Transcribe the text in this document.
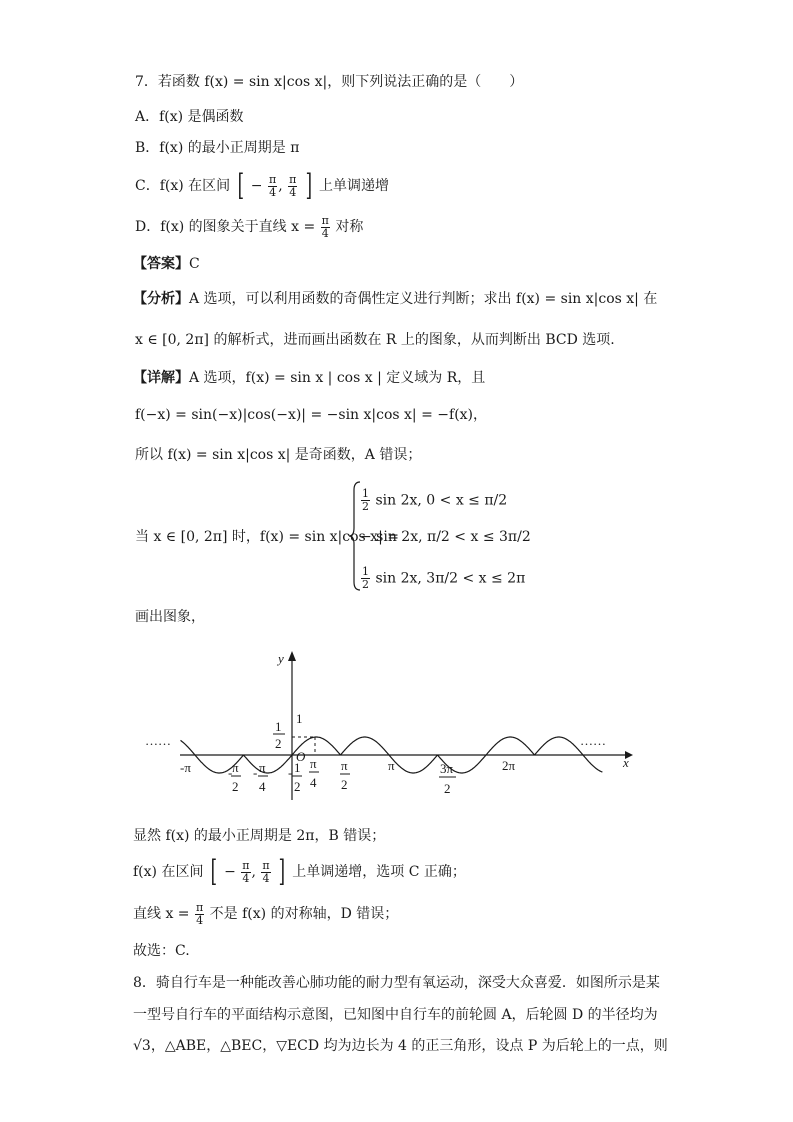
7．若函数 f(x) = sin x|cos x|，则下列说法正确的是（　　）
A．f(x) 是偶函数
B．f(x) 的最小正周期是 π
C．f(x) 在区间 [ − $\frac{\pi}{4}$ , $\frac{\pi}{4}$ ] 上单调递增
D．f(x) 的图象关于直线 $x = \frac{\pi}{4}$ 对称
【答案】C
【分析】A 选项，可以利用函数的奇偶性定义进行判断；求出 f(x) = sin x|cos x| 在
x ∈ [0, 2π] 的解析式，进而画出函数在 R 上的图象，从而判断出 BCD 选项.
【详解】A 选项，f(x) = sin x | cos x | 定义域为 R，且
f(−x) = sin(−x)|cos(−x)| = −sin x|cos x| = −f(x)，
所以 f(x) = sin x|cos x| 是奇函数，A 错误；
当 x ∈ [0, 2π] 时，f(x) = sin x|cos x| =
$\frac{1}{2}$ sin 2x, 0 < x ≤ π/2
− sin 2x, π/2 < x ≤ 3π/2
$\frac{1}{2}$ sin 2x, 3π/2 < x ≤ 2π
画出图象，
y
x
O
1
1
2
……	……
-π	- π
2
- π
4
- 1
2
π
4
π
2
π	3π
2
2π
显然 f(x) 的最小正周期是 2π，B 错误；
f(x) 在区间 [ − $\frac{\pi}{4}$ , $\frac{\pi}{4}$ ] 上单调递增，选项 C 正确；
直线 $x = \frac{\pi}{4}$ 不是 f(x) 的对称轴，D 错误；
故选：C.
8．骑自行车是一种能改善心肺功能的耐力型有氧运动，深受大众喜爱．如图所示是某
一型号自行车的平面结构示意图，已知图中自行车的前轮圆 A，后轮圆 D 的半径均为
√3，△ABE，△BEC，▽ECD 均为边长为 4 的正三角形，设点 P 为后轮上的一点，则
